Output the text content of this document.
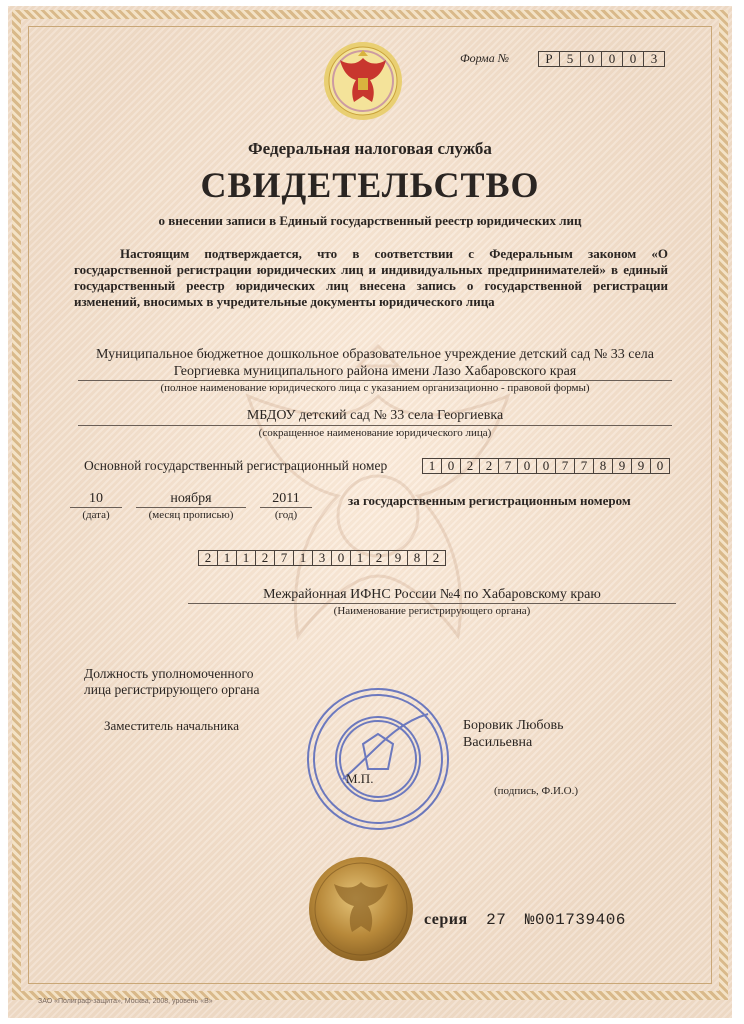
Форма №	Р	5	0	0	0	3
Федеральная налоговая служба
СВИДЕТЕЛЬСТВО
о внесении записи в Единый государственный реестр юридических лиц
Настоящим подтверждается, что в соответствии с Федеральным законом «О государственной регистрации юридических лиц и индивидуальных предпринимателей» в единый государственный реестр юридических лиц внесена запись о государственной регистрации изменений, вносимых в учредительные документы юридического лица
Муниципальное бюджетное дошкольное образовательное учреждение детский сад № 33 села
Георгиевка муниципального района имени Лазо Хабаровского края
(полное наименование юридического лица с указанием организационно - правовой формы)
МБДОУ детский сад № 33 села Георгиевка
(сокращенное наименование юридического лица)
Основной государственный регистрационный номер	1 0 2 2 7 0 0 7 7 8 9 9 0
10
(дата)
ноября
(месяц прописью)
2011
(год)
за государственным регистрационным номером
2 1 1 2 7 1 3 0 1 2 9 8 2
Межрайонная ИФНС России №4 по Хабаровскому краю
(Наименование регистрирующего органа)
Должность уполномоченного
лица регистрирующего органа
Заместитель начальника	Боровик Любовь
Васильевна
М.П.
(подпись, Ф.И.О.)
серия 27 №001739406
ЗАО «Полиграф-защита», Москва, 2008, уровень «В»
